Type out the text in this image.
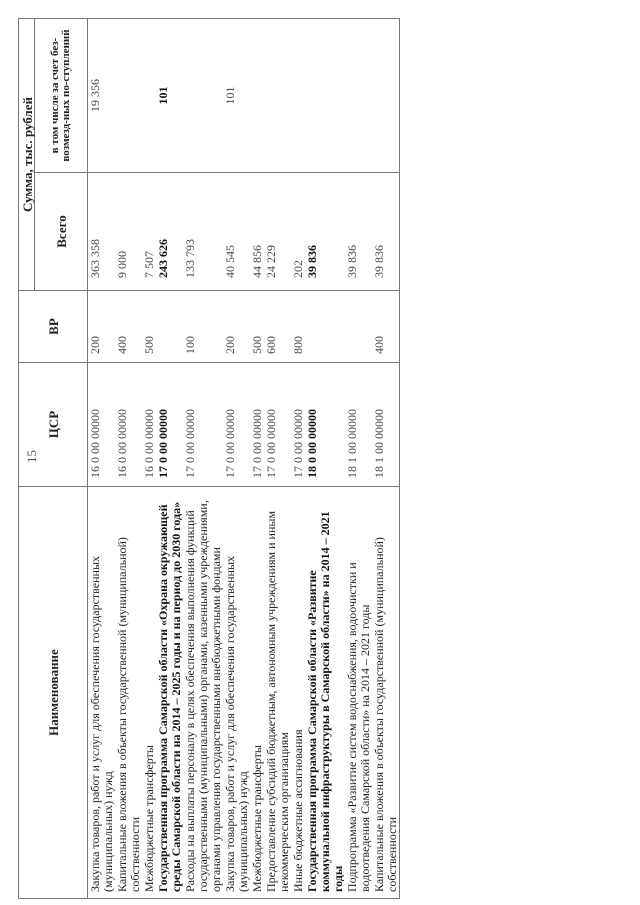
15
Наименование	ЦСР	ВР	Сумма, тыс. рублей	
			Всего	в том числе за счет без-возмезд-ных по-ступлений
Закупка товаров, работ и услуг для обеспечения государственных (муниципальных) нужд	16 0 00 00000	200	363 358	19 356
Капитальные вложения в объекты государственной (муниципальной) собственности	16 0 00 00000	400	9 000	
Межбюджетные трансферты	16 0 00 00000	500	7 507	
Государственная программа Самарской области «Охрана окружающей среды Самарской области на 2014 – 2025 годы и на период до 2030 года»	17 0 00 00000		243 626	101
Расходы на выплаты персоналу в целях обеспечения выполнения функций государственными (муниципальными) органами, казенными учреждениями, органами управления государственными внебюджетными фондами	17 0 00 00000	100	133 793	
Закупка товаров, работ и услуг для обеспечения государственных (муниципальных) нужд	17 0 00 00000	200	40 545	101
Межбюджетные трансферты	17 0 00 00000	500	44 856	
Предоставление субсидий бюджетным, автономным учреждениям и иным некоммерческим организациям	17 0 00 00000	600	24 229	
Иные бюджетные ассигнования	17 0 00 00000	800	202	
Государственная программа Самарской области «Развитие коммунальной инфраструктуры в Самарской области» на 2014 – 2021 годы	18 0 00 00000		39 836	
Подпрограмма «Развитие систем водоснабжения, водоочистки и водоотведения Самарской области» на 2014 – 2021 годы	18 1 00 00000		39 836	
Капитальные вложения в объекты государственной (муниципальной) собственности	18 1 00 00000	400	39 836	
